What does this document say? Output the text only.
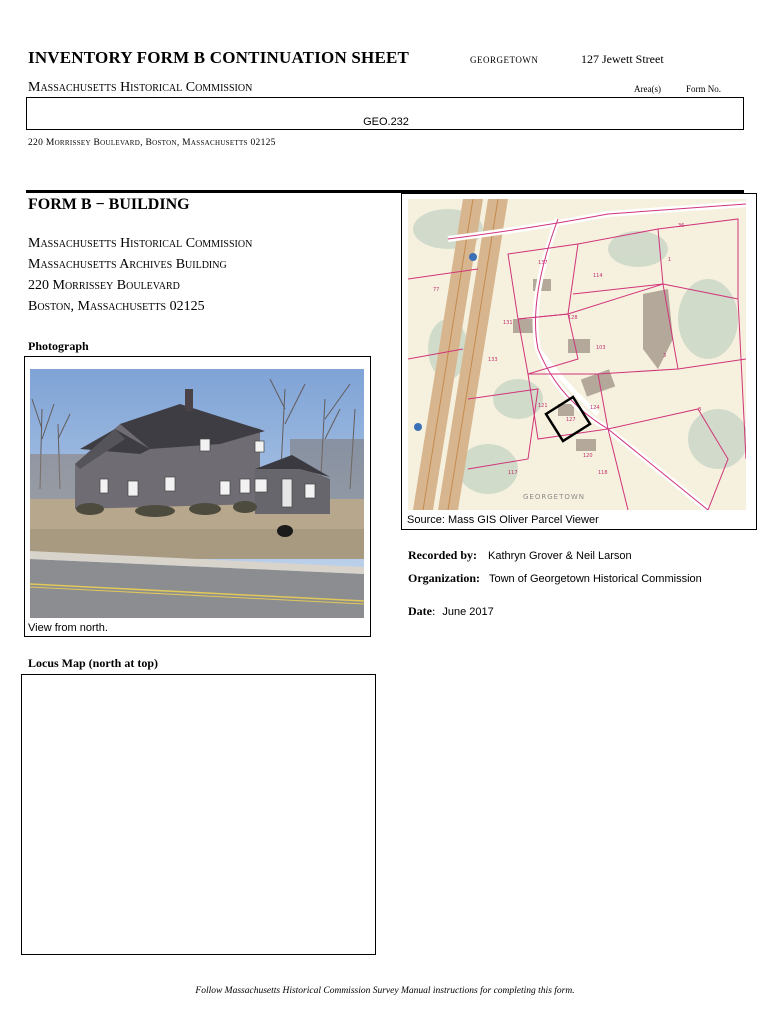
INVENTORY FORM B CONTINUATION SHEET	GEORGETOWN	127 Jewett Street
Massachusetts Historical Commission	Area(s)	Form No.
GEO.232
220 Morrissey Boulevard, Boston, Massachusetts 02125
FORM B − BUILDING
Massachusetts Historical Commission
Massachusetts Archives Building
220 Morrissey Boulevard
Boston, Massachusetts 02125
Photograph
View from north.
127
124
121
120
117	118
133
131
114
77
36
1
3
8
128
103
137
GEORGETOWN
Source: Mass GIS Oliver Parcel Viewer
Recorded by: Kathryn Grover & Neil Larson
Organization: Town of Georgetown Historical Commission
Date: June 2017
Locus Map (north at top)
Follow Massachusetts Historical Commission Survey Manual instructions for completing this form.
